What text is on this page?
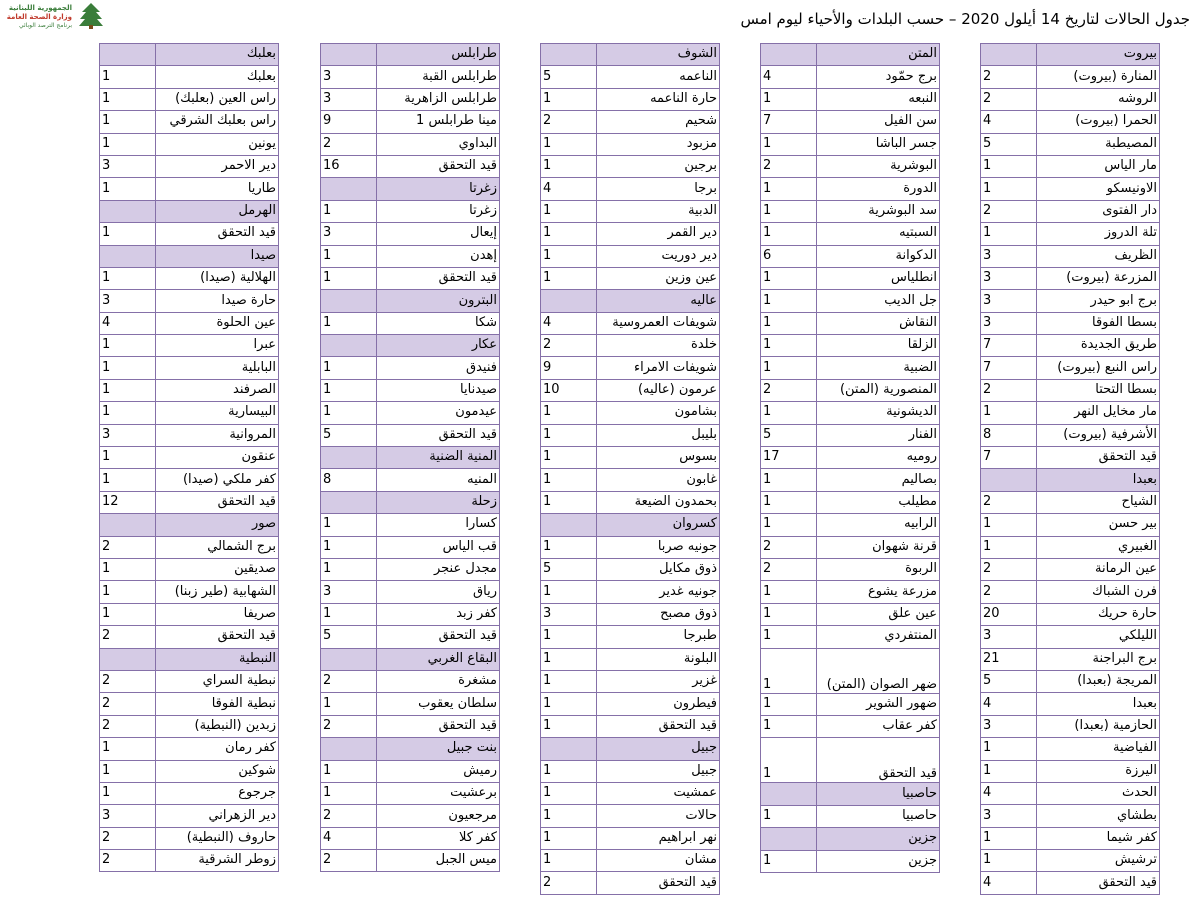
الجمهورية اللبنانية
وزارة الصحة العامة
برنامج الترصد الوبائي	جدول الحالات لتاريخ 14 أيلول 2020 – حسب البلدات والأحياء ليوم امس
بيروت	
المنارة (بيروت)	2
الروشه	2
الحمرا (بيروت)	4
المصيطبة	5
مار الياس	1
الاونيسكو	1
دار الفتوى	2
تلة الدروز	1
الظريف	3
المزرعة (بيروت)	3
برج ابو حيدر	3
بسطا الفوقا	3
طريق الجديدة	7
راس النبع (بيروت)	7
بسطا التحتا	2
مار مخايل النهر	1
الأشرفية (بيروت)	8
قيد التحقق	7
بعبدا	
الشياح	2
بير حسن	1
الغبيري	1
عين الرمانة	2
فرن الشباك	2
حارة حريك	20
الليلكي	3
برج البراجنة	21
المريجة (بعبدا)	5
بعبدا	4
الحازمية (بعبدا)	3
الفياضية	1
اليرزة	1
الحدث	4
بطشاي	3
كفر شيما	1
ترشيش	1
قيد التحقق	4
المتن	
برج حمّود	4
النبعه	1
سن الفيل	7
جسر الباشا	1
البوشرية	2
الدورة	1
سد البوشرية	1
السبتيه	1
الدكوانة	6
انطلياس	1
جل الديب	1
النقاش	1
الزلقا	1
الضبية	1
المنصورية (المتن)	2
الديشونية	1
الفنار	5
روميه	17
بصاليم	1
مطيلب	1
الرابيه	1
قرنة شهوان	2
الربوة	2
مزرعة يشوع	1
عين علق	1
المنتفردي	1
ضهر الصوان (المتن)	1
ضهور الشوير	1
كفر عقاب	1
قيد التحقق	1
حاصبيا	
حاصبيا	1
جزين	
جزين	1
الشوف	
الناعمه	5
حارة الناعمه	1
شحيم	2
مزبود	1
برجين	1
برجا	4
الدبية	1
دير القمر	1
دير دوريت	1
عين وزين	1
عاليه	
شويفات العمروسية	4
خلدة	2
شويفات الامراء	9
عرمون (عاليه)	10
بشامون	1
بليبل	1
بسوس	1
غابون	1
بحمدون الضيعة	1
كسروان	
جونيه صربا	1
ذوق مكايل	5
جونيه غدير	1
ذوق مصبح	3
طبرجا	1
البلونة	1
غزير	1
فيطرون	1
قيد التحقق	1
جبيل	
جبيل	1
عمشيت	1
حالات	1
نهر ابراهيم	1
مشان	1
قيد التحقق	2
طرابلس	
طرابلس القبة	3
طرابلس الزاهرية	3
مينا طرابلس 1	9
البداوي	2
قيد التحقق	16
زغرتا	
زغرتا	1
إيعال	3
إهدن	1
قيد التحقق	1
البترون	
شكا	1
عكار	
فنيدق	1
صيدنايا	1
عيدمون	1
قيد التحقق	5
المنية الضنية	
المنيه	8
زحلة	
كسارا	1
قب الياس	1
مجدل عنجر	1
رياق	3
كفر زبد	1
قيد التحقق	5
البقاع الغربي	
مشغرة	2
سلطان يعقوب	1
قيد التحقق	2
بنت جبيل	
رميش	1
برعشيت	1
مرجعيون	2
كفر كلا	4
ميس الجبل	2
بعلبك	
بعلبك	1
راس العين (بعلبك)	1
راس بعلبك الشرقي	1
يونين	1
دير الاحمر	3
طاريا	1
الهرمل	
قيد التحقق	1
صيدا	
الهلالية (صيدا)	1
حارة صيدا	3
عين الحلوة	4
عبرا	1
البابلية	1
الصرفند	1
البيسارية	1
المروانية	3
عنقون	1
كفر ملكي (صيدا)	1
قيد التحقق	12
صور	
برج الشمالي	2
صديقين	1
الشهابية (طير زبنا)	1
صريفا	1
قيد التحقق	2
النبطية	
نبطية السراي	2
نبطية الفوقا	2
زبدين (النبطية)	2
كفر رمان	1
شوكين	1
جرجوع	1
دير الزهراني	3
حاروف (النبطية)	2
زوطر الشرقية	2
